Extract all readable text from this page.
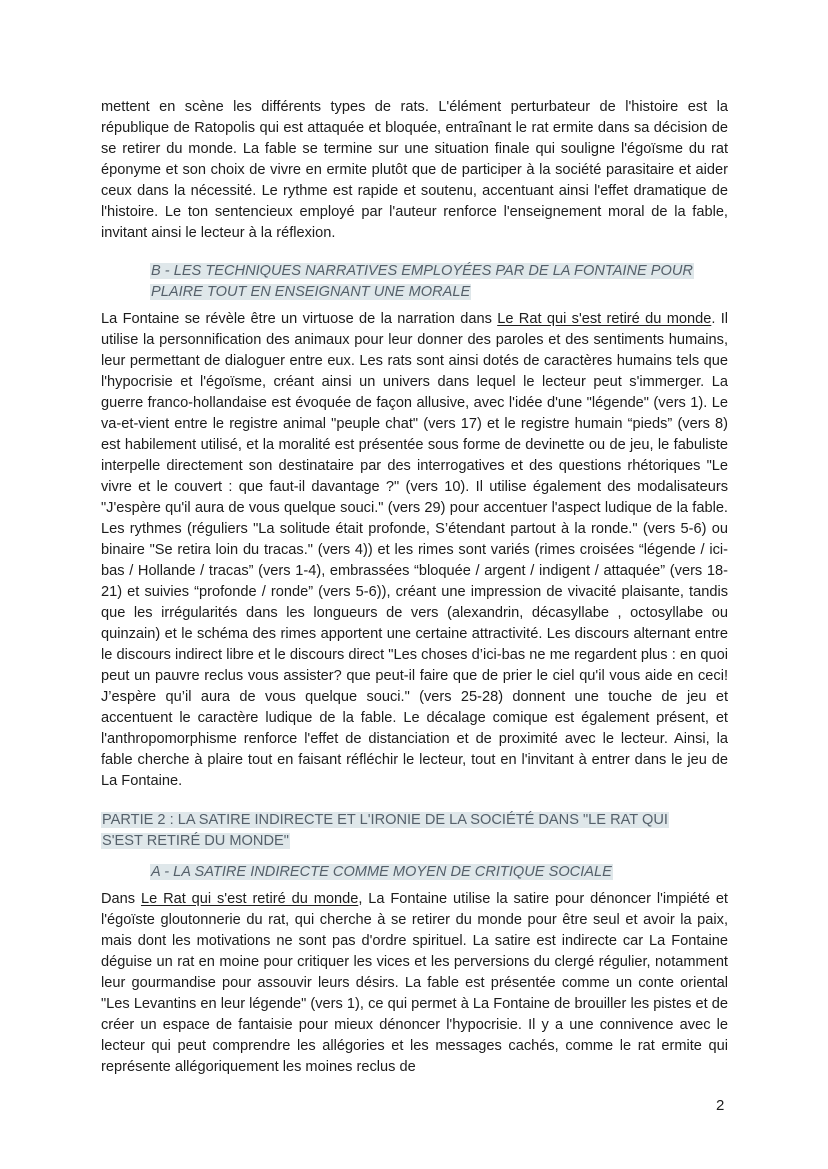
mettent en scène les différents types de rats. L'élément perturbateur de l'histoire est la république de Ratopolis qui est attaquée et bloquée, entraînant le rat ermite dans sa décision de se retirer du monde. La fable se termine sur une situation finale qui souligne l'égoïsme du rat éponyme et son choix de vivre en ermite plutôt que de participer à la société parasitaire et aider ceux dans la nécessité. Le rythme est rapide et soutenu, accentuant ainsi l'effet dramatique de l'histoire. Le ton sentencieux employé par l'auteur renforce l'enseignement moral de la fable, invitant ainsi le lecteur à la réflexion.

B - LES TECHNIQUES NARRATIVES EMPLOYÉES PAR DE LA FONTAINE POUR PLAIRE TOUT EN ENSEIGNANT UNE MORALE

La Fontaine se révèle être un virtuose de la narration dans Le Rat qui s'est retiré du monde. Il utilise la personnification des animaux pour leur donner des paroles et des sentiments humains, leur permettant de dialoguer entre eux. Les rats sont ainsi dotés de caractères humains tels que l'hypocrisie et l'égoïsme, créant ainsi un univers dans lequel le lecteur peut s'immerger. La guerre franco-hollandaise est évoquée de façon allusive, avec l'idée d'une "légende" (vers 1). Le va-et-vient entre le registre animal "peuple chat" (vers 17) et le registre humain “pieds” (vers 8) est habilement utilisé, et la moralité est présentée sous forme de devinette ou de jeu, le fabuliste interpelle directement son destinataire par des interrogatives et des questions rhétoriques "Le vivre et le couvert : que faut-il davantage ?" (vers 10). Il utilise également des modalisateurs "J'espère qu'il aura de vous quelque souci." (vers 29) pour accentuer l'aspect ludique de la fable. Les rythmes (réguliers "La solitude était profonde, S’étendant partout à la ronde." (vers 5-6) ou binaire "Se retira loin du tracas." (vers 4)) et les rimes sont variés (rimes croisées “légende / ici-bas / Hollande / tracas” (vers 1-4), embrassées “bloquée / argent / indigent / attaquée” (vers 18-21) et suivies “profonde / ronde” (vers 5-6)), créant une impression de vivacité plaisante, tandis que les irrégularités dans les longueurs de vers (alexandrin, décasyllabe , octosyllabe ou quinzain) et le schéma des rimes apportent une certaine attractivité. Les discours alternant entre le discours indirect libre et le discours direct "Les choses d’ici-bas ne me regardent plus : en quoi peut un pauvre reclus vous assister? que peut-il faire que de prier le ciel qu'il vous aide en ceci! J’espère qu’il aura de vous quelque souci." (vers 25-28) donnent une touche de jeu et accentuent le caractère ludique de la fable. Le décalage comique est également présent, et l'anthropomorphisme renforce l'effet de distanciation et de proximité avec le lecteur. Ainsi, la fable cherche à plaire tout en faisant réfléchir le lecteur, tout en l'invitant à entrer dans le jeu de La Fontaine.

PARTIE 2 : LA SATIRE INDIRECTE ET L'IRONIE DE LA SOCIÉTÉ DANS "LE RAT QUI S'EST RETIRÉ DU MONDE"
A - LA SATIRE INDIRECTE COMME MOYEN DE CRITIQUE SOCIALE

Dans Le Rat qui s'est retiré du monde, La Fontaine utilise la satire pour dénoncer l'impiété et l'égoïste gloutonnerie du rat, qui cherche à se retirer du monde pour être seul et avoir la paix, mais dont les motivations ne sont pas d'ordre spirituel. La satire est indirecte car La Fontaine déguise un rat en moine pour critiquer les vices et les perversions du clergé régulier, notamment leur gourmandise pour assouvir leurs désirs. La fable est présentée comme un conte oriental "Les Levantins en leur légende" (vers 1), ce qui permet à La Fontaine de brouiller les pistes et de créer un espace de fantaisie pour mieux dénoncer l'hypocrisie. Il y a une connivence avec le lecteur qui peut comprendre les allégories et les messages cachés, comme le rat ermite qui représente allégoriquement les moines reclus de

2
